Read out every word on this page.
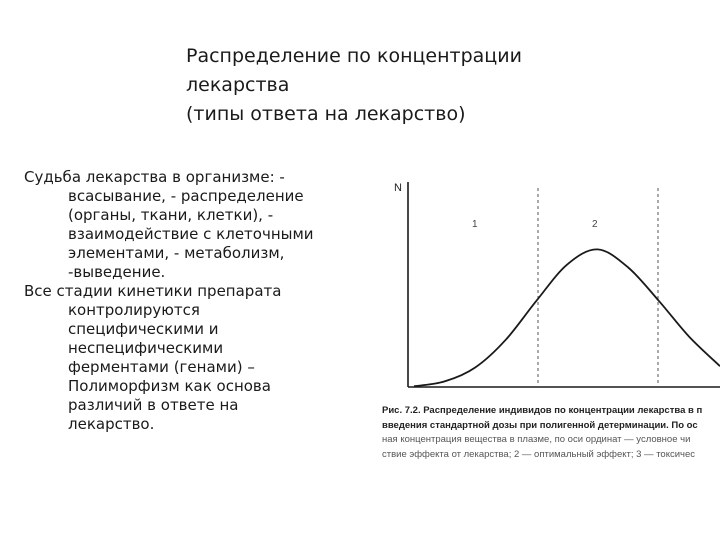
Распределение по концентрации
лекарства
(типы ответа на лекарство)

Судьба лекарства в организме: - всасывание, - распределение (органы, ткани, клетки), - взаимодействие с клеточными элементами, - метаболизм, -выведение.

Все стадии кинетики препарата контролируются специфическими и неспецифическими ферментами (генами) – Полиморфизм как основа различий в ответе на лекарство.

N
1	2
Рис. 7.2. Распределение индивидов по концентрации лекарства в п
введения стандартной дозы при полигенной детерминации. По ос
ная концентрация вещества в плазме, по оси ординат — условное чи
ствие эффекта от лекарства; 2 — оптимальный эффект; 3 — токсичес
